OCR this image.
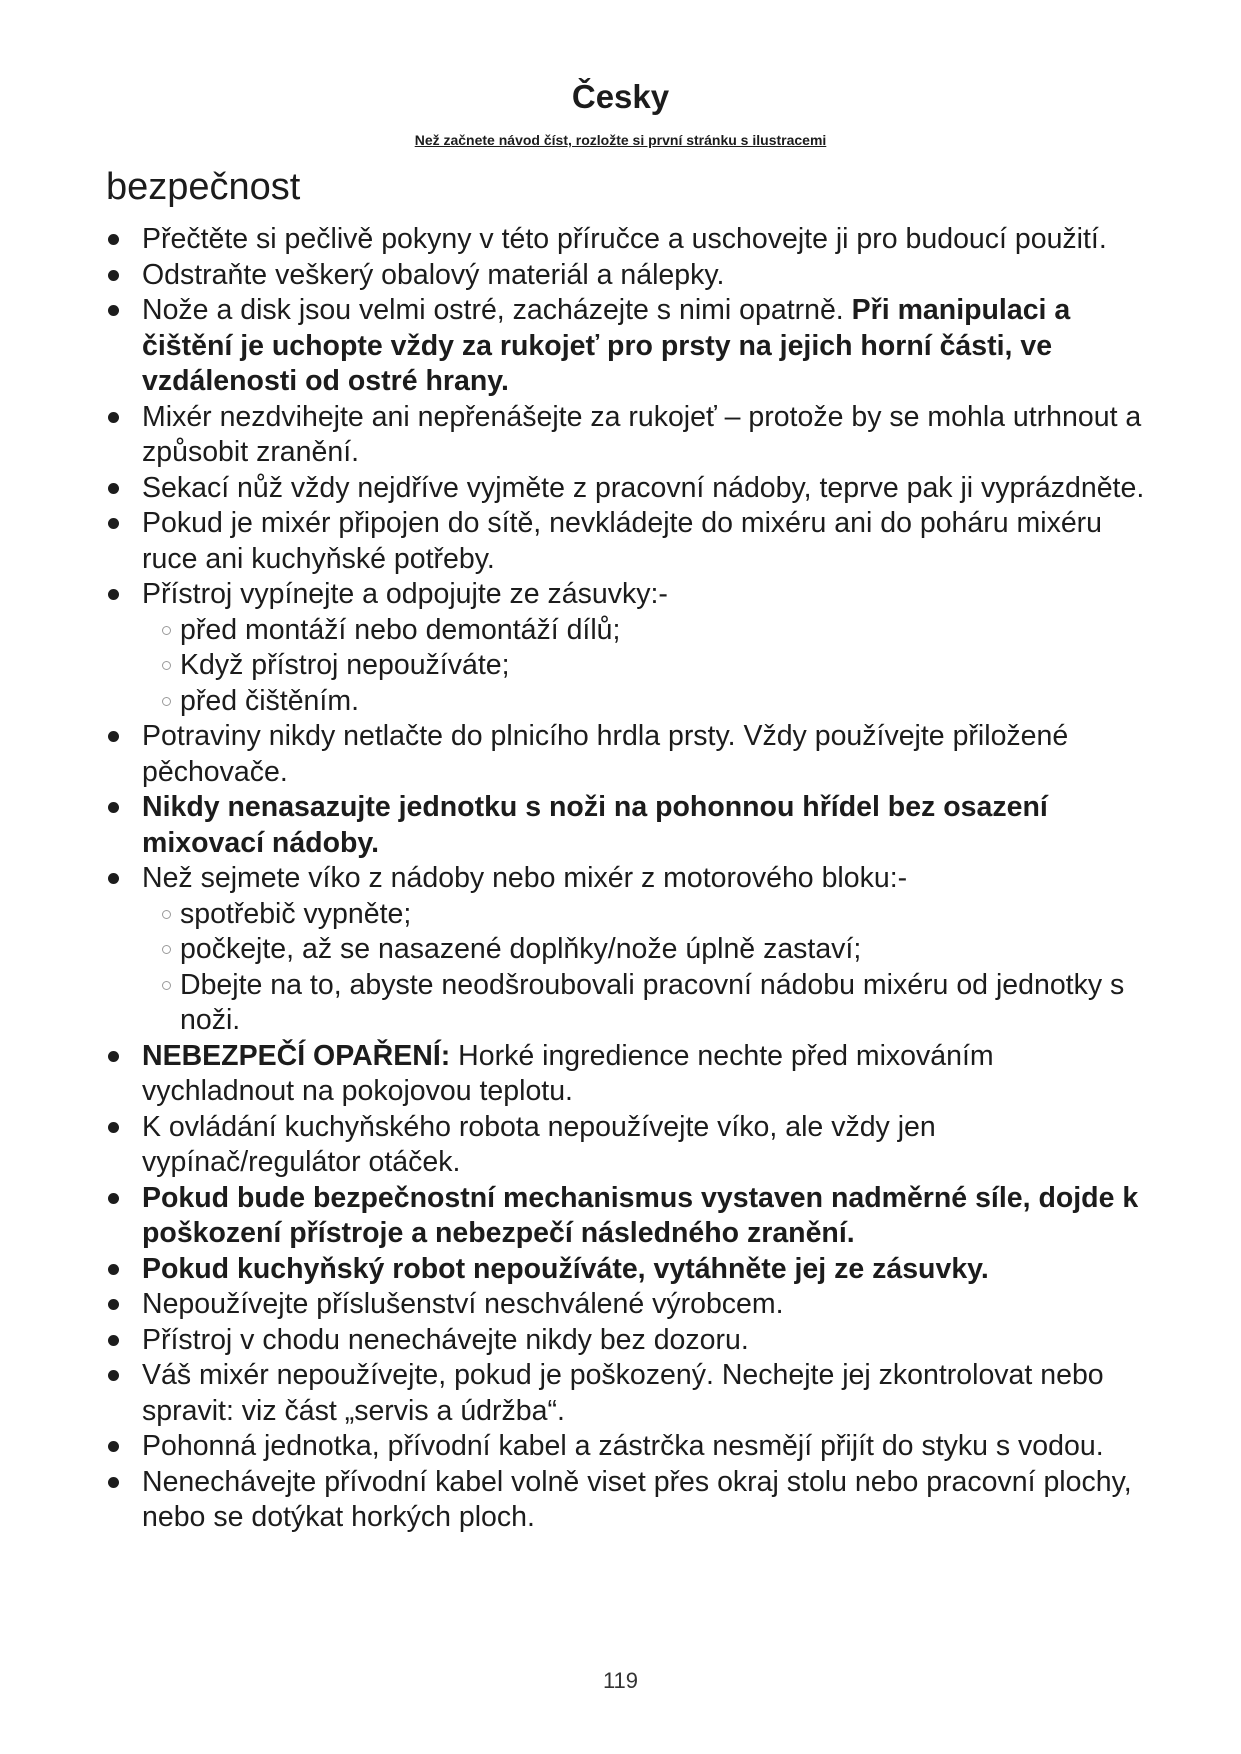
Česky
Než začnete návod číst, rozložte si první stránku s ilustracemi
bezpečnost
Přečtěte si pečlivě pokyny v této příručce a uschovejte ji pro budoucí použití.
Odstraňte veškerý obalový materiál a nálepky.
Nože a disk jsou velmi ostré, zacházejte s nimi opatrně. Při manipulaci a čištění je uchopte vždy za rukojeť pro prsty na jejich horní části, ve vzdálenosti od ostré hrany.
Mixér nezdvihejte ani nepřenášejte za rukojeť – protože by se mohla utrhnout a způsobit zranění.
Sekací nůž vždy nejdříve vyjměte z pracovní nádoby, teprve pak ji vyprázdněte.
Pokud je mixér připojen do sítě, nevkládejte do mixéru ani do poháru mixéru ruce ani kuchyňské potřeby.
Přístroj vypínejte a odpojujte ze zásuvky:-
před montáží nebo demontáží dílů;
Když přístroj nepoužíváte;
před čištěním.
Potraviny nikdy netlačte do plnicího hrdla prsty. Vždy používejte přiložené pěchovače.
Nikdy nenasazujte jednotku s noži na pohonnou hřídel bez osazení mixovací nádoby.
Než sejmete víko z nádoby nebo mixér z motorového bloku:-
spotřebič vypněte;
počkejte, až se nasazené doplňky/nože úplně zastaví;
Dbejte na to, abyste neodšroubovali pracovní nádobu mixéru od jednotky s noži.
NEBEZPEČÍ OPAŘENÍ: Horké ingredience nechte před mixováním vychladnout na pokojovou teplotu.
K ovládání kuchyňského robota nepoužívejte víko, ale vždy jen vypínač/regulátor otáček.
Pokud bude bezpečnostní mechanismus vystaven nadměrné síle, dojde k poškození přístroje a nebezpečí následného zranění.
Pokud kuchyňský robot nepoužíváte, vytáhněte jej ze zásuvky.
Nepoužívejte příslušenství neschválené výrobcem.
Přístroj v chodu nenechávejte nikdy bez dozoru.
Váš mixér nepoužívejte, pokud je poškozený. Nechejte jej zkontrolovat nebo spravit: viz část „servis a údržba“.
Pohonná jednotka, přívodní kabel a zástrčka nesmějí přijít do styku s vodou.
Nenechávejte přívodní kabel volně viset přes okraj stolu nebo pracovní plochy, nebo se dotýkat horkých ploch.
119
